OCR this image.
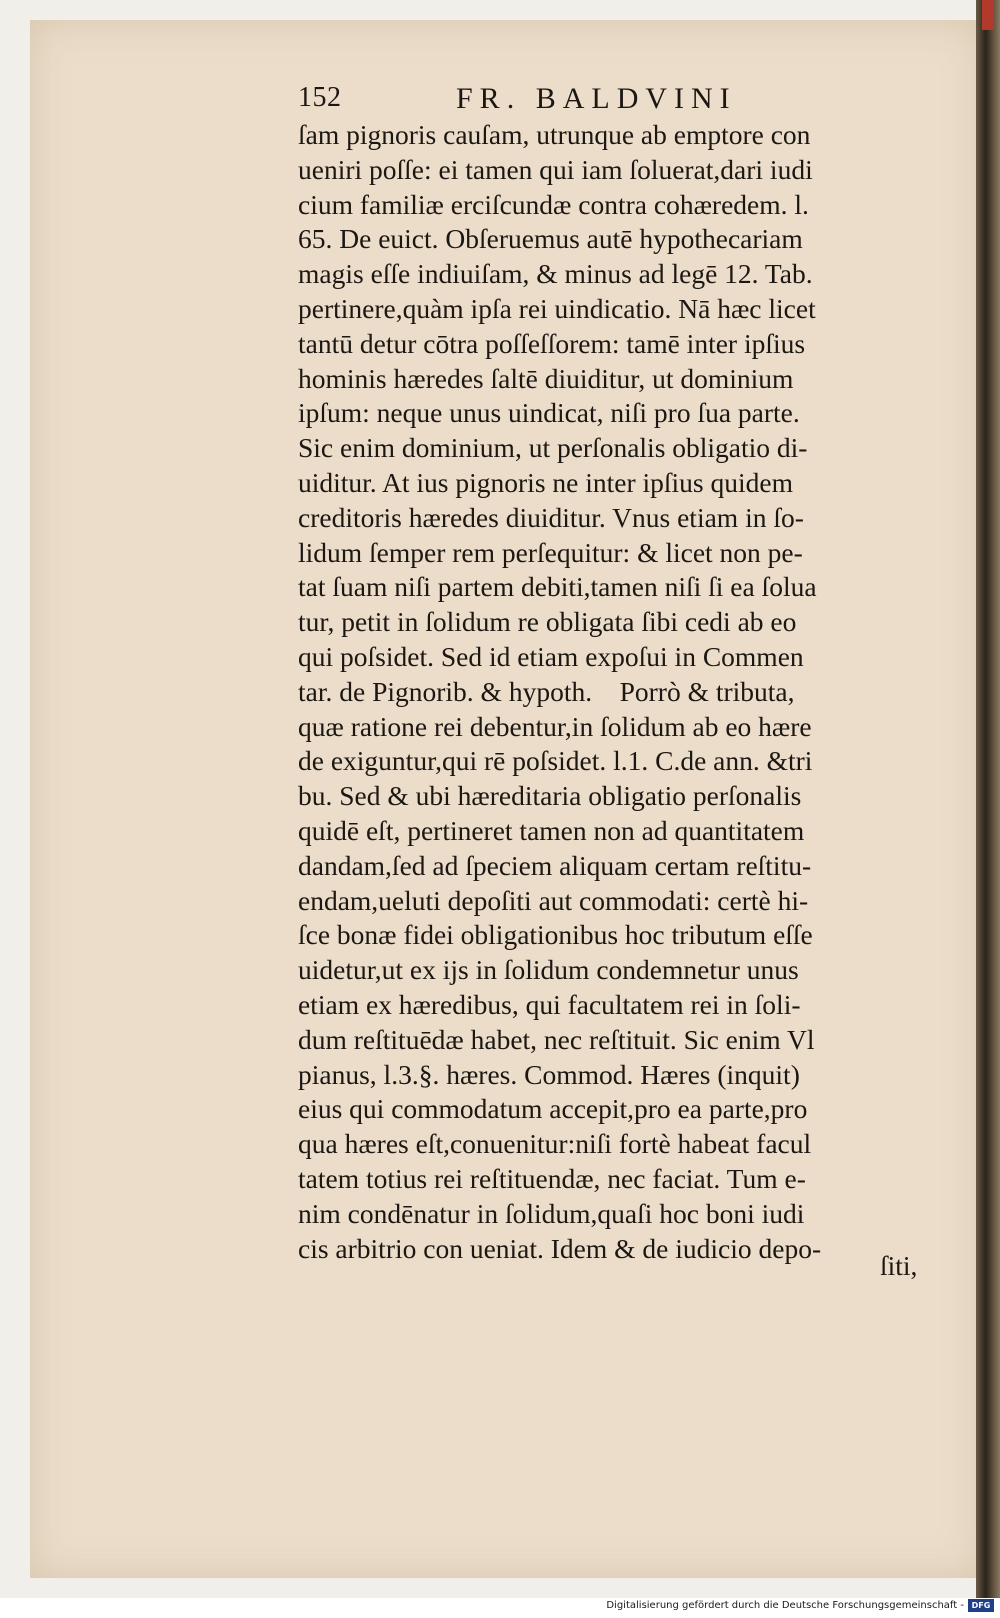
152	FR. BALDVINI
ſam pignoris cauſam, utrunque ab emptore con
ueniri poſſe: ei tamen qui iam ſoluerat,dari iudi
cium familiæ erciſcundæ contra cohæredem. l.
65. De euict. Obſeruemus autē hypothecariam
magis eſſe indiuiſam, & minus ad legē 12. Tab.
pertinere,quàm ipſa rei uindicatio. Nā hæc licet
tantū detur cōtra poſſeſſorem: tamē inter ipſius
hominis hæredes ſaltē diuiditur, ut dominium
ipſum: neque unus uindicat, niſi pro ſua parte.
Sic enim dominium, ut perſonalis obligatio di-
uiditur. At ius pignoris ne inter ipſius quidem
creditoris hæredes diuiditur. Vnus etiam in ſo-
lidum ſemper rem perſequitur: & licet non pe-
tat ſuam niſi partem debiti,tamen niſi ſi ea ſolua
tur, petit in ſolidum re obligata ſibi cedi ab eo
qui poſsidet. Sed id etiam expoſui in Commen
tar. de Pignorib. & hypoth.    Porrò & tributa,
quæ ratione rei debentur,in ſolidum ab eo hære
de exiguntur,qui rē poſsidet. l.1. C.de ann. &tri
bu. Sed & ubi hæreditaria obligatio perſonalis
quidē eſt, pertineret tamen non ad quantitatem
dandam,ſed ad ſpeciem aliquam certam reſtitu-
endam,ueluti depoſiti aut commodati: certè hi-
ſce bonæ fidei obligationibus hoc tributum eſſe
uidetur,ut ex ijs in ſolidum condemnetur unus
etiam ex hæredibus, qui facultatem rei in ſoli-
dum reſtituēdæ habet, nec reſtituit. Sic enim Vl
pianus, l.3.§. hæres. Commod. Hæres (inquit)
eius qui commodatum accepit,pro ea parte,pro
qua hæres eſt,conuenitur:niſi fortè habeat facul
tatem totius rei reſtituendæ, nec faciat. Tum e-
nim condēnatur in ſolidum,quaſi hoc boni iudi
cis arbitrio con ueniat. Idem & de iudicio depo-
ſiti,
Digitalisierung gefördert durch die Deutsche Forschungsgemeinschaft - DFG
